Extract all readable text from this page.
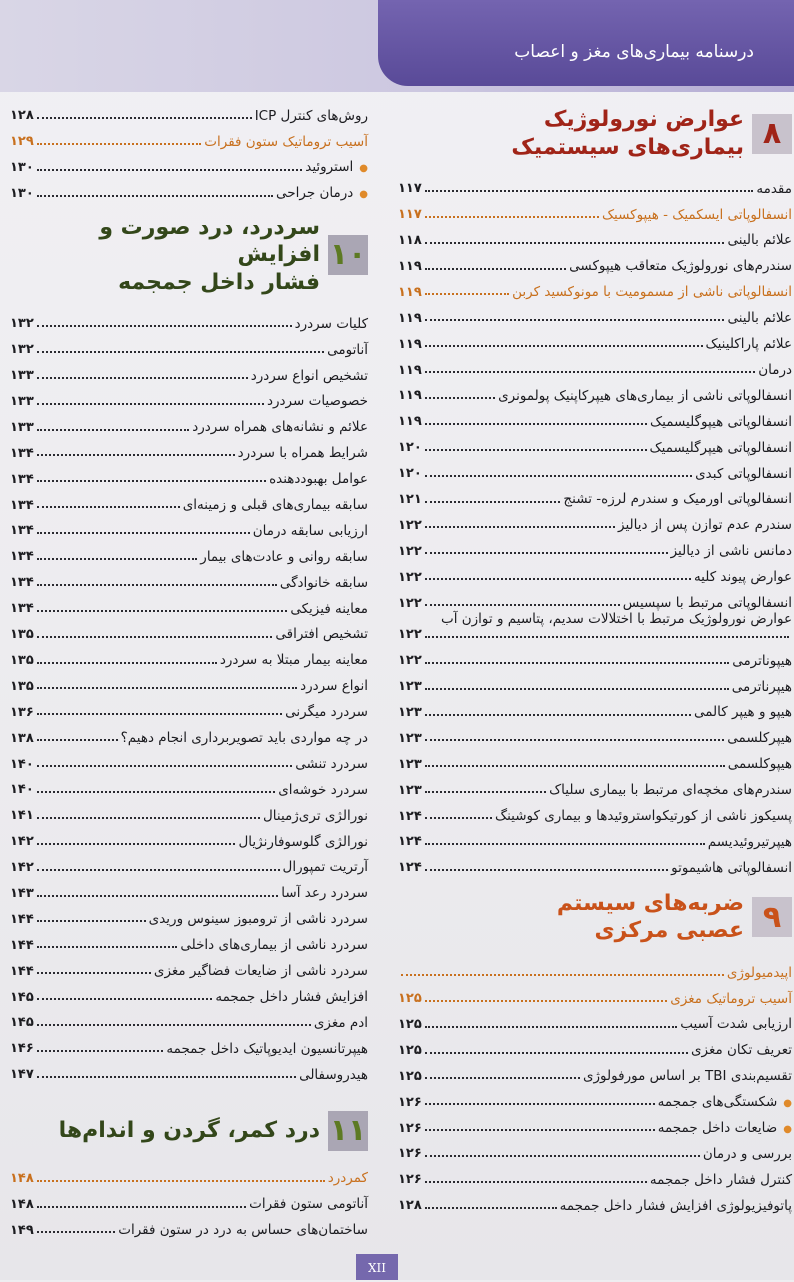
درسنامه بیماری‌های مغز و اعصاب
۸
عوارض نورولوژیک
بیماری‌های سیستمیک
مقدمه
۱۱۷
انسفالوپاتی ایسکمیک - هیپوکسیک
۱۱۷
علائم بالینی
۱۱۸
سندرم‌های نورولوژیک متعاقب هیپوکسی
۱۱۹
انسفالوپاتی ناشی از مسمومیت با مونوکسید کربن
۱۱۹
علائم بالینی
۱۱۹
علائم پاراکلینیک
۱۱۹
درمان
۱۱۹
انسفالوپاتی ناشی از بیماری‌های هیپرکاپنیک پولمونری
۱۱۹
انسفالوپاتی هیپوگلیسمیک
۱۱۹
انسفالوپاتی هیپرگلیسمیک
۱۲۰
انسفالوپاتی کبدی
۱۲۰
انسفالوپاتی اورمیک و سندرم لرزه- تشنج
۱۲۱
سندرم عدم توازن پس از دیالیز
۱۲۲
دمانس ناشی از دیالیز
۱۲۲
عوارض پیوند کلیه
۱۲۲
انسفالوپاتی مرتبط با سپسیس
۱۲۲
عوارض نورولوژیک مرتبط با اختلالات سدیم، پتاسیم و توازن آب
۱۲۲
هیپوناترمی
۱۲۲
هیپرناترمی
۱۲۳
هیپو و هیپر کالمی
۱۲۳
هیپرکلسمی
۱۲۳
هیپوکلسمی
۱۲۳
سندرم‌های مخچه‌ای مرتبط با بیماری سلیاک
۱۲۳
پسیکوز ناشی از کورتیکواستروئیدها و بیماری کوشینگ
۱۲۴
هیپرتیروئیدیسم
۱۲۴
انسفالوپاتی هاشیموتو
۱۲۴
۹
ضربه‌های سیستم
عصبی مرکزی
اپیدمیولوژی
آسیب تروماتیک مغزی
۱۲۵
ارزیابی شدت آسیب
۱۲۵
تعریف تکان مغزی
۱۲۵
تقسیم‌بندی TBI بر اساس مورفولوژی
۱۲۵
● شکستگی‌های جمجمه
۱۲۶
● ضایعات داخل جمجمه
۱۲۶
بررسی و درمان
۱۲۶
کنترل فشار داخل جمجمه
۱۲۶
پاتوفیزیولوژی افزایش فشار داخل جمجمه
۱۲۸
روش‌های کنترل ICP
۱۲۸
آسیب تروماتیک ستون فقرات
۱۲۹
● استروئید
۱۳۰
● درمان جراحی
۱۳۰
۱۰
سردرد، درد صورت و افزایش
فشار داخل جمجمه
کلیات سردرد
۱۳۲
آناتومی
۱۳۲
تشخیص انواع سردرد
۱۳۳
خصوصیات سردرد
۱۳۳
علائم و نشانه‌های همراه سردرد
۱۳۳
شرایط همراه با سردرد
۱۳۴
عوامل بهبوددهنده
۱۳۴
سابقه بیماری‌های قبلی و زمینه‌ای
۱۳۴
ارزیابی سابقه درمان
۱۳۴
سابقه روانی و عادت‌های بیمار
۱۳۴
سابقه خانوادگی
۱۳۴
معاینه فیزیکی
۱۳۴
تشخیص افتراقی
۱۳۵
معاینه بیمار مبتلا به سردرد
۱۳۵
انواع سردرد
۱۳۵
سردرد میگرنی
۱۳۶
در چه مواردی باید تصویربرداری انجام دهیم؟
۱۳۸
سردرد تنشی
۱۴۰
سردرد خوشه‌ای
۱۴۰
نورالژی تری‌ژمینال
۱۴۱
نورالژی گلوسوفارنژیال
۱۴۲
آرتریت تمپورال
۱۴۲
سردرد رعد آسا
۱۴۳
سردرد ناشی از ترومبوز سینوس وریدی
۱۴۴
سردرد ناشی از بیماری‌های داخلی
۱۴۴
سردرد ناشی از ضایعات فضاگیر مغزی
۱۴۴
افزایش فشار داخل جمجمه
۱۴۵
ادم مغزی
۱۴۵
هیپرتانسیون ایدیوپاتیک داخل جمجمه
۱۴۶
هیدروسفالی
۱۴۷
۱۱
درد کمر، گردن و اندام‌ها
کمردرد
۱۴۸
آناتومی ستون فقرات
۱۴۸
ساختمان‌های حساس به درد در ستون فقرات
۱۴۹
XII
